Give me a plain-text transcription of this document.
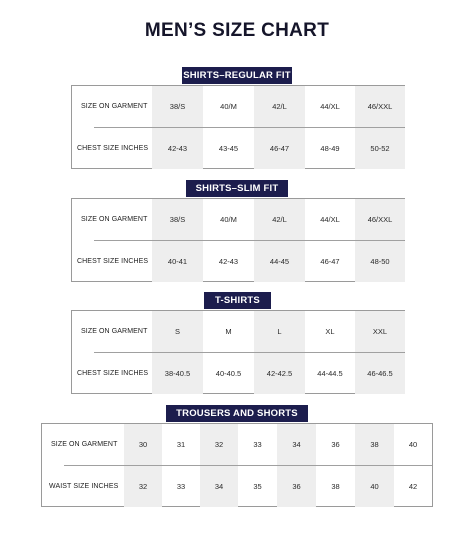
MEN’S SIZE CHART
SHIRTS–REGULAR FIT
SIZE ON GARMENT	38/S	40/M	42/L	44/XL	46/XXL
CHEST SIZE INCHES	42-43	43-45	46-47	48-49	50-52
SHIRTS–SLIM FIT
SIZE ON GARMENT	38/S	40/M	42/L	44/XL	46/XXL
CHEST SIZE INCHES	40-41	42-43	44-45	46-47	48-50
T-SHIRTS
SIZE ON GARMENT	S	M	L	XL	XXL
CHEST SIZE INCHES	38-40.5	40-40.5	42-42.5	44-44.5	46-46.5
TROUSERS AND SHORTS
SIZE ON GARMENT	30	31	32	33	34	36	38	40
WAIST SIZE INCHES	32	33	34	35	36	38	40	42
